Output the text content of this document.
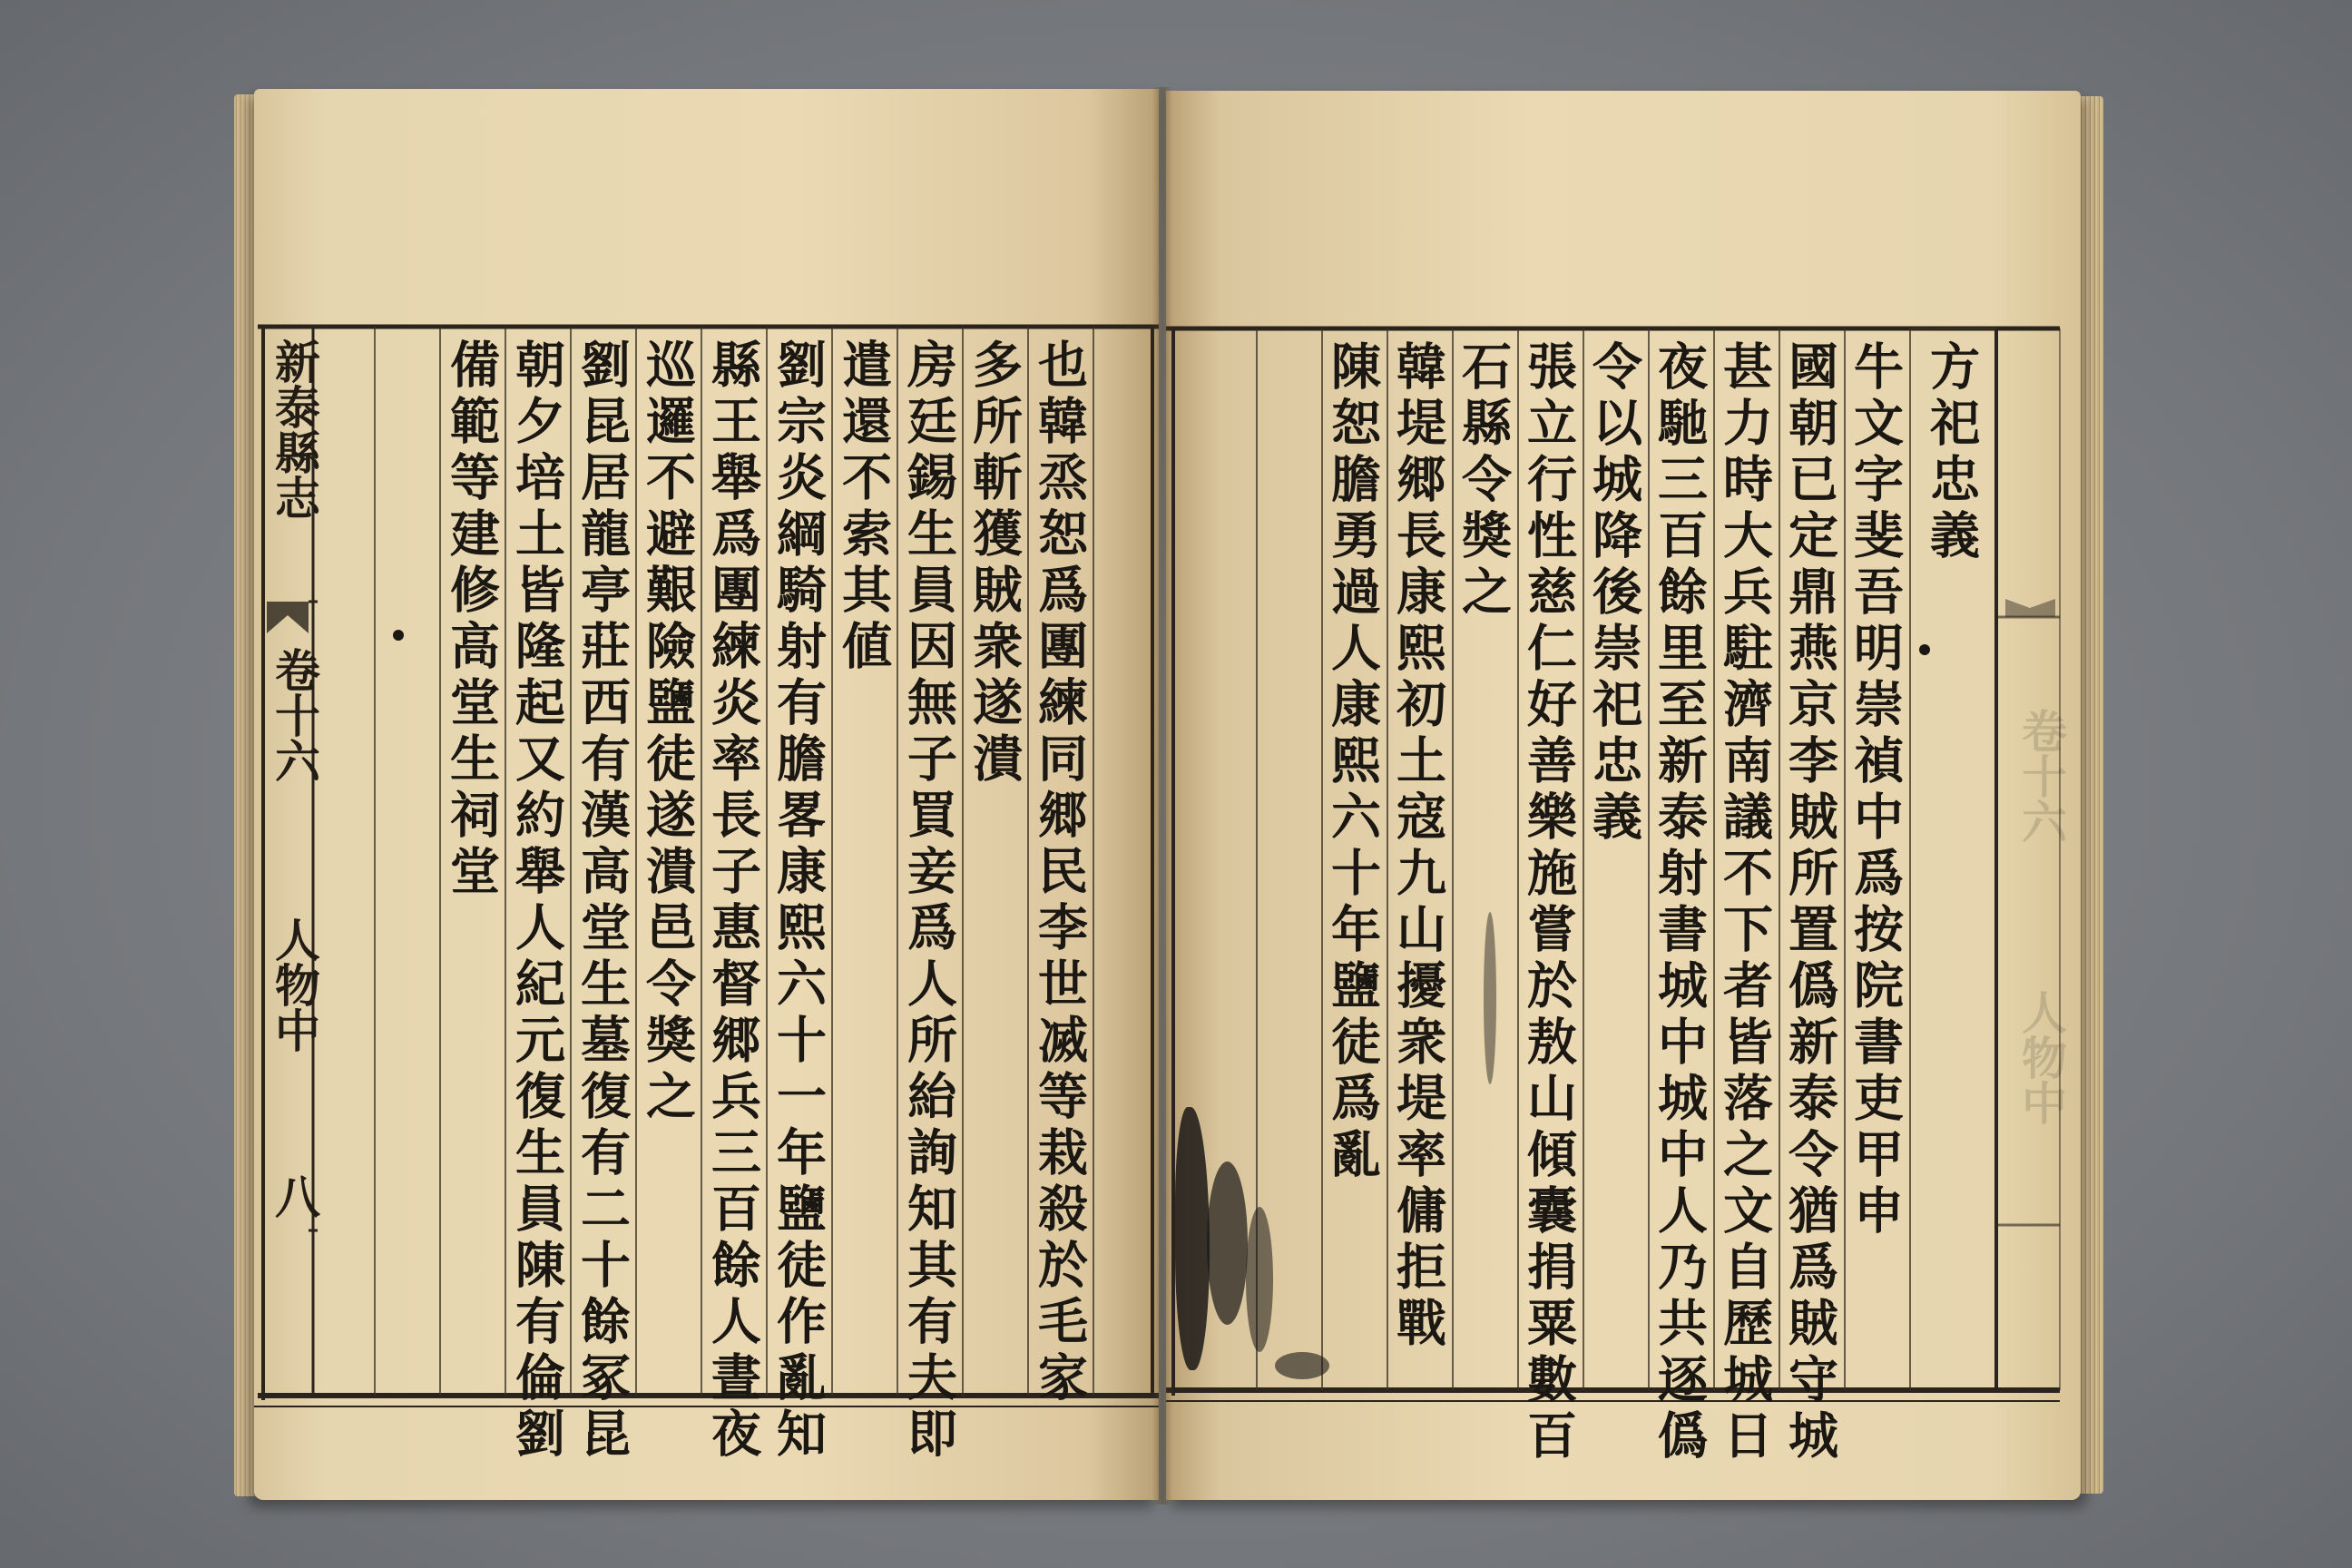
新泰縣志
卷十六
人物中
八	也韓烝恕爲團練同郷民李世㓕等栽殺於毛家
多所斬獲賊衆遂潰
房廷錫生員因無子買妾爲人所紿詢知其有夫即
遣還不索其値
劉宗炎綱騎射有膽畧康熙六十一年鹽徒作亂知
縣王舉爲團練炎率長子惠督郷兵三百餘人晝夜
巡邏不避艱險鹽徒遂潰邑令獎之
劉昆居龍亭莊西有漢高堂生墓復有二十餘冢昆
朝夕培土皆隆起又約舉人紀元復生員陳有倫劉
備範等建修高堂生祠堂	方祀忠義
牛文字斐吾明崇禎中爲按院書吏甲申
國朝已定鼎燕京李賊所置僞新泰令猶爲賊守城
甚力時大兵駐濟南議不下者皆落之文自歷城日
夜馳三百餘里至新泰射書城中城中人乃共逐僞
令以城降後崇祀忠義
張立行性慈仁好善樂施嘗於敖山傾囊捐粟數百
石縣令獎之
韓堤郷長康熙初土寇九山擾衆堤率傭拒戰
陳恕膽勇過人康熙六十年鹽徒爲亂	卷十六
人物中
